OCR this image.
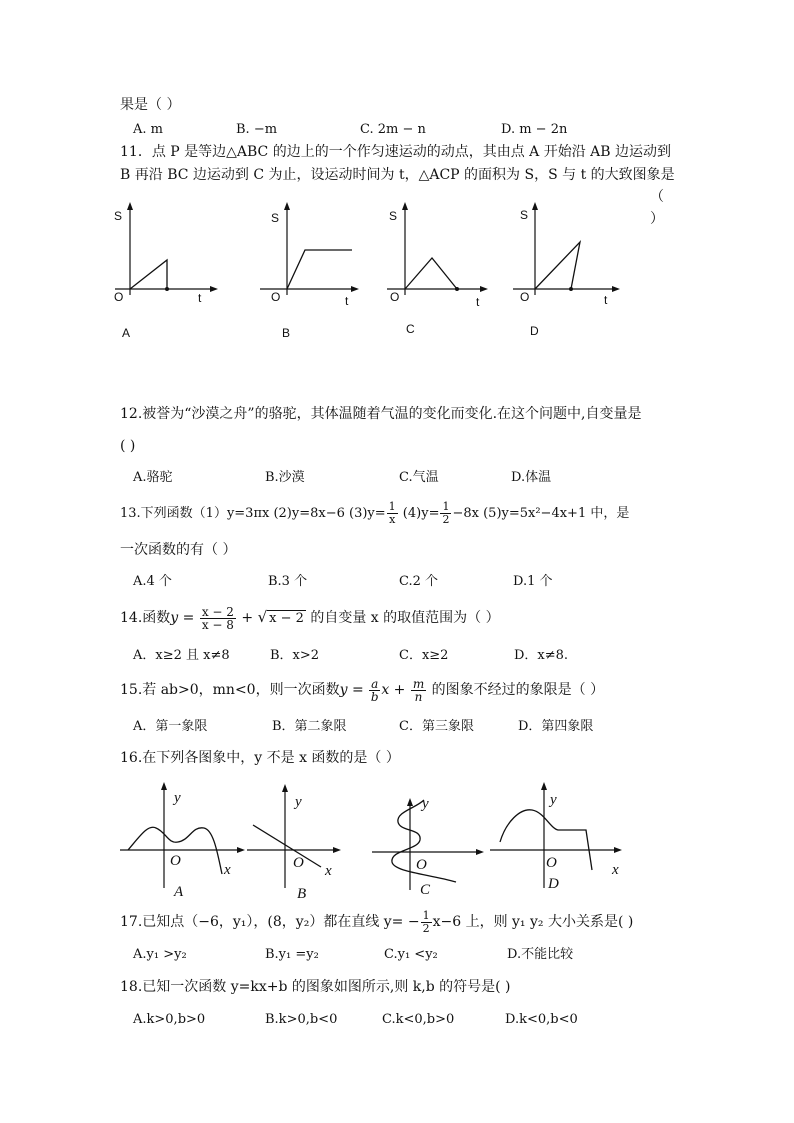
果是（ ）
A. m	B. −m	C. 2m − n	D. m − 2n
11．点 P 是等边△ABC 的边上的一个作匀速运动的动点，其由点 A 开始沿 AB 边运动到
B 再沿 BC 边运动到 C 为止，设运动时间为 t，△ACP 的面积为 S，S 与 t 的大致图象是
（
）
S
t
O
A
S
t
O
B
S
t
O
C
S
t
O
D
12.被誉为“沙漠之舟”的骆驼，其体温随着气温的变化而变化.在这个问题中,自变量是
( )
A.骆驼	B.沙漠	C.气温	D.体温
13.下列函数（1）y=3πx (2)y=8x−6 $(3)y= \frac{1}{x} (4)y= \frac{1}{2} -8x$ (5)y=5x²−4x+1 中，是
一次函数的有（ ）
A.4 个	B.3 个	C.2 个	D.1 个
14.函数$y = \frac{x - 2}{x - 8}$ + √ x − 2 的自变量 x 的取值范围为（ ）
A．x≥2 且 x≠8	B．x>2	C．x≥2	D．x≠8.
15.若 ab>0，mn<0，则一次函数$y = \frac{a}{b}$ $x + \frac{m}{n}$ 的图象不经过的象限是（ ）
A．第一象限	B．第二象限	C．第三象限	D．第四象限
16.在下列各图象中，y 不是 x 函数的是（ ）
y
x
O
A
y
x
O
B
y
O
C
y
x
O
D
17.已知点（−6，y₁），(8，y₂）都在直线 $y= - \frac{1}{2} x-6$ 上，则 y₁ y₂ 大小关系是( )
A.y₁ >y₂	B.y₁ =y₂	C.y₁ <y₂	D.不能比较
18.已知一次函数 y=kx+b 的图象如图所示,则 k,b 的符号是( )
A.k>0,b>0	B.k>0,b<0	C.k<0,b>0	D.k<0,b<0
